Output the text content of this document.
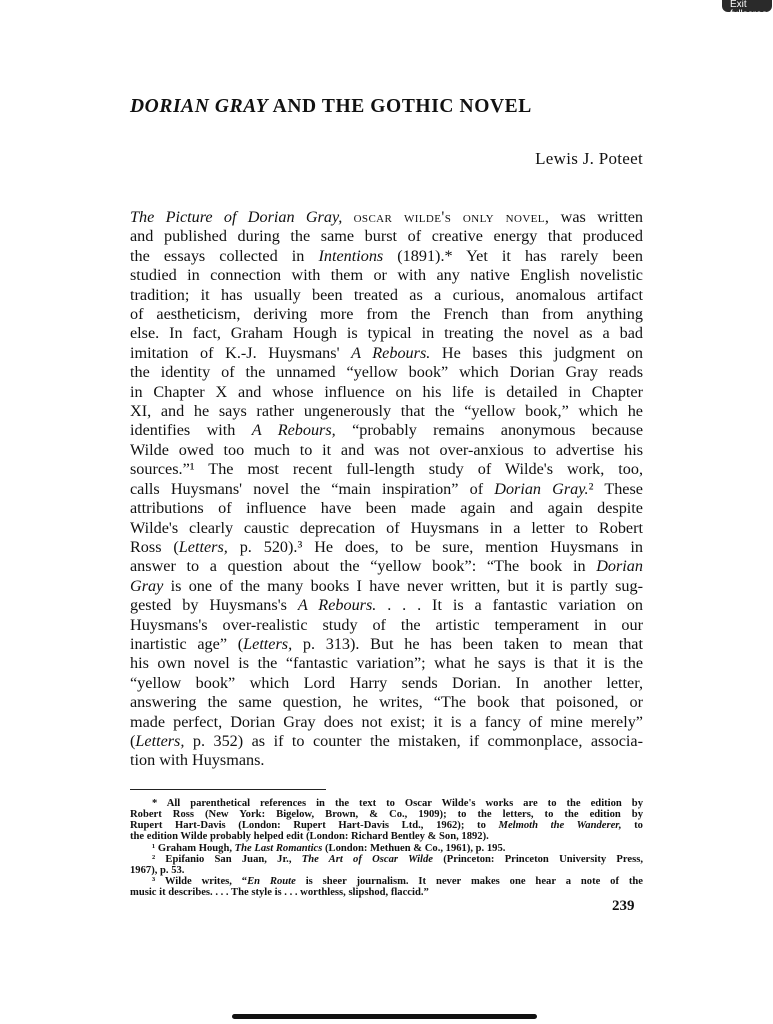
Exit fullscreen
DORIAN GRAY AND THE GOTHIC NOVEL
Lewis J. Poteet
The Picture of Dorian Gray, oscar wilde's only novel, was written
and published during the same burst of creative energy that produced
the essays collected in Intentions (1891).* Yet it has rarely been
studied in connection with them or with any native English novelistic
tradition; it has usually been treated as a curious, anomalous artifact
of aestheticism, deriving more from the French than from anything
else. In fact, Graham Hough is typical in treating the novel as a bad
imitation of K.-J. Huysmans' A Rebours. He bases this judgment on
the identity of the unnamed “yellow book” which Dorian Gray reads
in Chapter X and whose influence on his life is detailed in Chapter
XI, and he says rather ungenerously that the “yellow book,” which he
identifies with A Rebours, “probably remains anonymous because
Wilde owed too much to it and was not over-anxious to advertise his
sources.”¹ The most recent full-length study of Wilde's work, too,
calls Huysmans' novel the “main inspiration” of Dorian Gray.² These
attributions of influence have been made again and again despite
Wilde's clearly caustic deprecation of Huysmans in a letter to Robert
Ross (Letters, p. 520).³ He does, to be sure, mention Huysmans in
answer to a question about the “yellow book”: “The book in Dorian
Gray is one of the many books I have never written, but it is partly sug-
gested by Huysmans's A Rebours. . . . It is a fantastic variation on
Huysmans's over-realistic study of the artistic temperament in our
inartistic age” (Letters, p. 313). But he has been taken to mean that
his own novel is the “fantastic variation”; what he says is that it is the
“yellow book” which Lord Harry sends Dorian. In another letter,
answering the same question, he writes, “The book that poisoned, or
made perfect, Dorian Gray does not exist; it is a fancy of mine merely”
(Letters, p. 352) as if to counter the mistaken, if commonplace, associa-
tion with Huysmans.
* All parenthetical references in the text to Oscar Wilde's works are to the edition by
Robert Ross (New York: Bigelow, Brown, & Co., 1909); to the letters, to the edition by
Rupert Hart-Davis (London: Rupert Hart-Davis Ltd., 1962); to Melmoth the Wanderer, to
the edition Wilde probably helped edit (London: Richard Bentley & Son, 1892).
¹ Graham Hough, The Last Romantics (London: Methuen & Co., 1961), p. 195.
² Epifanio San Juan, Jr., The Art of Oscar Wilde (Princeton: Princeton University Press,
1967), p. 53.
³ Wilde writes, “En Route is sheer journalism. It never makes one hear a note of the
music it describes. . . . The style is . . . worthless, slipshod, flaccid.”
239
